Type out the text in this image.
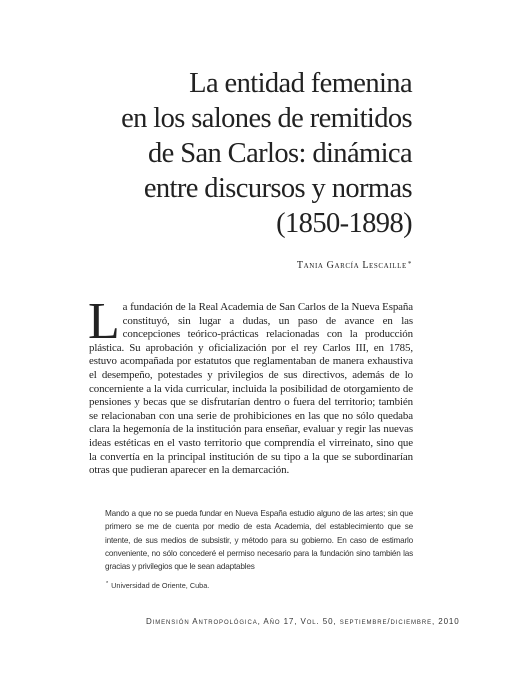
La entidad femenina
en los salones de remitidos
de San Carlos: dinámica
entre discursos y normas
(1850-1898)
Tania García Lescaille*
La fundación de la Real Academia de San Carlos de la Nueva España constituyó, sin lugar a dudas, un paso de avance en las concepciones teórico-prácticas relacionadas con la producción plástica. Su aprobación y oficialización por el rey Carlos III, en 1785, estuvo acompañada por estatutos que reglamentaban de manera exhaustiva el desempeño, potestades y privilegios de sus directivos, además de lo concerniente a la vida curricular, incluida la posibilidad de otorgamiento de pensiones y becas que se disfrutarían dentro o fuera del territorio; también se relacionaban con una serie de prohibiciones en las que no sólo quedaba clara la hegemonía de la institución para enseñar, evaluar y regir las nuevas ideas estéticas en el vasto territorio que comprendía el virreinato, sino que la convertía en la principal institución de su tipo a la que se subordinarían otras que pudieran aparecer en la demarcación.
Mando a que no se pueda fundar en Nueva España estudio alguno de las artes; sin que primero se me de cuenta por medio de esta Academia, del establecimiento que se intente, de sus medios de subsistir, y método para su gobierno. En caso de estimarlo conveniente, no sólo concederé el permiso necesario para la fundación sino también las gracias y privilegios que le sean adaptables
* Universidad de Oriente, Cuba.
Dimensión Antropológica, Año 17, Vol. 50, septiembre/diciembre, 2010
